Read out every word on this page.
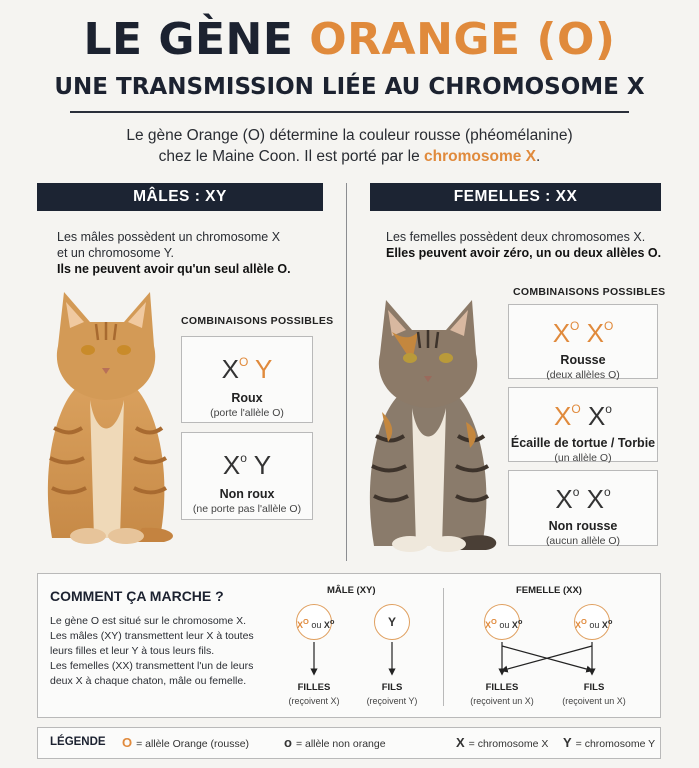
LE GÈNE ORANGE (O)
UNE TRANSMISSION LIÉE AU CHROMOSOME X
Le gène Orange (O) détermine la couleur rousse (phéomélanine)
chez le Maine Coon. Il est porté par le chromosome X.
MÂLES : XY	FEMELLES : XX
Les mâles possèdent un chromosome X
et un chromosome Y.
Ils ne peuvent avoir qu'un seul allèle O.
COMBINAISONS POSSIBLES
$X^O$ Y
Roux
(porte l'allèle O)
$X^o$ Y
Non roux
(ne porte pas l'allèle O)
Les femelles possèdent deux chromosomes X.
Elles peuvent avoir zéro, un ou deux allèles O.
COMBINAISONS POSSIBLES
$X^O$ $X^O$
Rousse
(deux allèles O)
$X^O$ $X^o$
Écaille de tortue / Torbie
(un allèle O)
$X^o$ $X^o$
Non rousse
(aucun allèle O)
COMMENT ÇA MARCHE ?
Le gène O est situé sur le chromosome X.
Les mâles (XY) transmettent leur X à toutes
leurs filles et leur Y à tous leurs fils.
Les femelles (XX) transmettent l'un de leurs
deux X à chaque chaton, mâle ou femelle.
MÂLE (XY)
$X^O$ ou $X^o$	Y
FILLES
(reçoivent X)
FILS
(reçoivent Y)
FEMELLE (XX)
$X^O$ ou $X^o$	$X^O$ ou $X^o$
FILLES
(reçoivent un X)
FILS
(reçoivent un X)
LÉGENDE O = allèle Orange (rousse)	o = allèle non orange	X = chromosome X Y = chromosome Y
